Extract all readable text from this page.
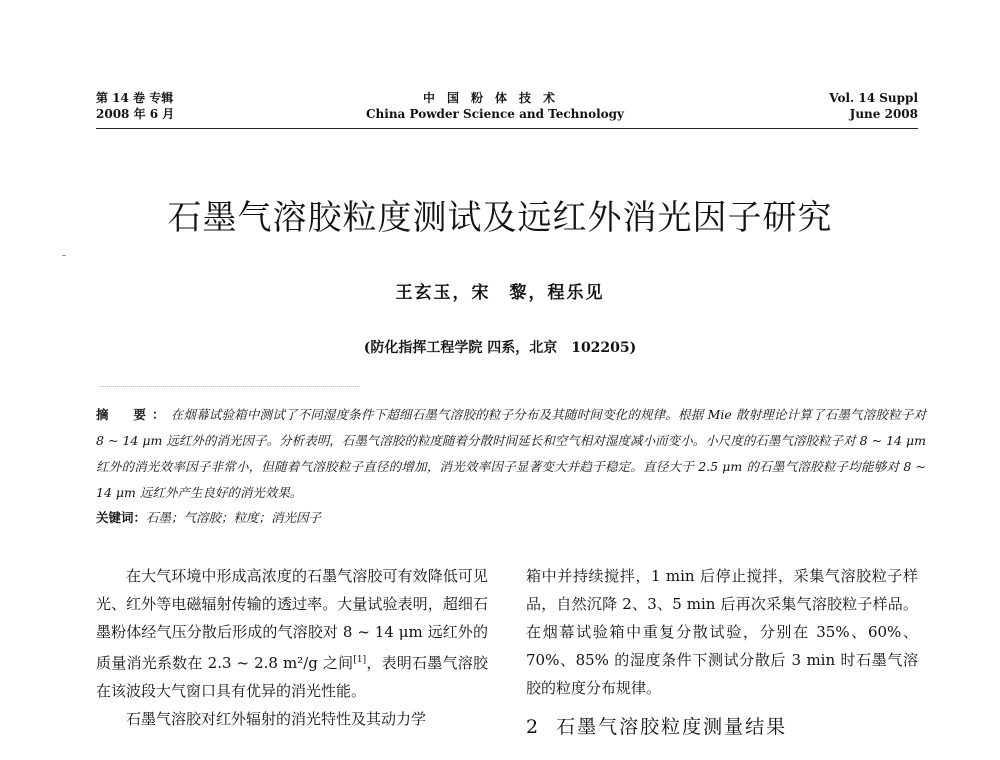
第 14 卷 专辑
2008 年 6 月
中国粉体技术
China Powder Science and Technology
Vol. 14 Suppl
June 2008
石墨气溶胶粒度测试及远红外消光因子研究
王玄玉，宋　黎，程乐见
(防化指挥工程学院 四系，北京　102205)
摘　要：在烟幕试验箱中测试了不同湿度条件下超细石墨气溶胶的粒子分布及其随时间变化的规律。根据 Mie 散射理论计算了石墨气溶胶粒子对 8 ~ 14 μm 远红外的消光因子。分析表明，石墨气溶胶的粒度随着分散时间延长和空气相对湿度减小而变小。小尺度的石墨气溶胶粒子对 8 ~ 14 μm 红外的消光效率因子非常小，但随着气溶胶粒子直径的增加，消光效率因子显著变大并趋于稳定。直径大于 2.5 μm 的石墨气溶胶粒子均能够对 8 ~ 14 μm 远红外产生良好的消光效果。
关键词：石墨；气溶胶；粒度；消光因子

在大气环境中形成高浓度的石墨气溶胶可有效降低可见光、红外等电磁辐射传输的透过率。大量试验表明，超细石墨粉体经气压分散后形成的气溶胶对 8 ~ 14 μm 远红外的质量消光系数在 2.3 ~ 2.8 m²/g 之间[1]，表明石墨气溶胶在该波段大气窗口具有优异的消光性能。

石墨气溶胶对红外辐射的消光特性及其动力学

箱中并持续搅拌，1 min 后停止搅拌，采集气溶胶粒子样品，自然沉降 2、3、5 min 后再次采集气溶胶粒子样品。在烟幕试验箱中重复分散试验，分别在 35%、60%、70%、85% 的湿度条件下测试分散后 3 min 时石墨气溶胶的粒度分布规律。

2 石墨气溶胶粒度测量结果
